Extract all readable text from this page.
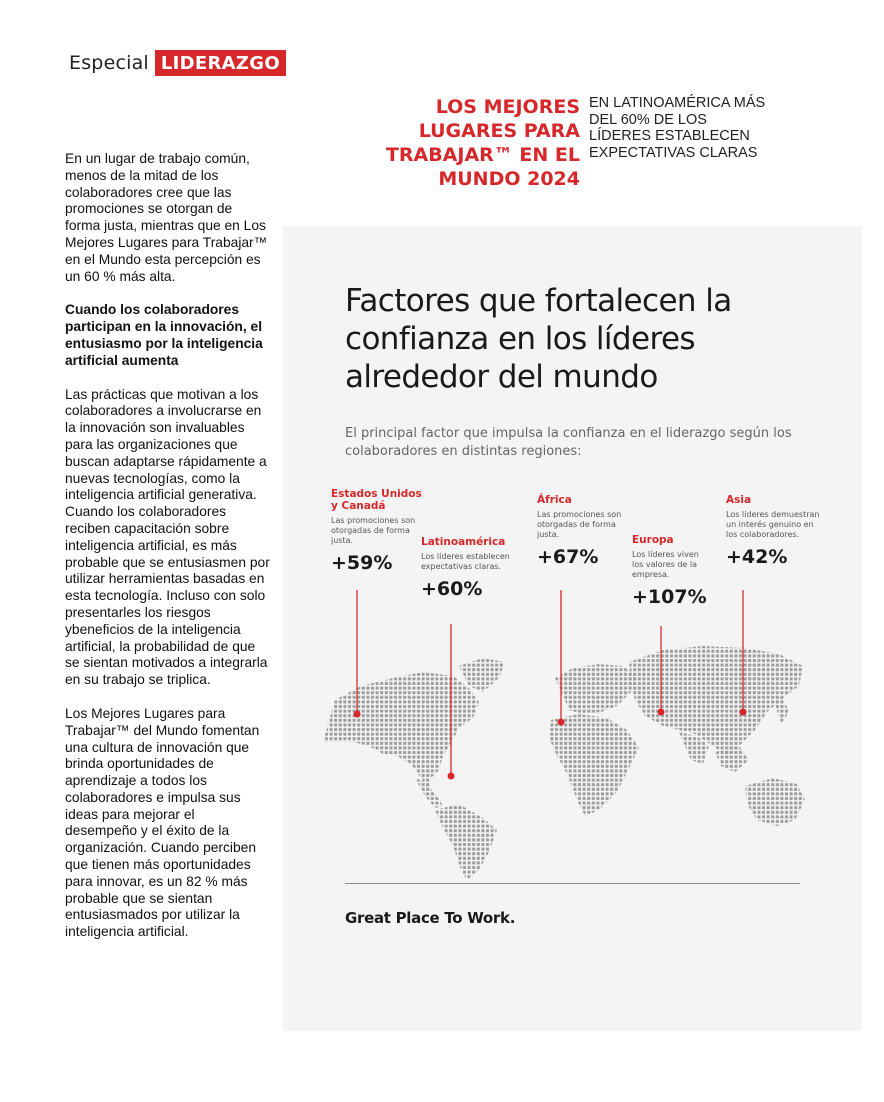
Especial LIDERAZGO
LOS MEJORES LUGARES PARA TRABAJAR™ EN EL MUNDO 2024
EN LATINOAMÉRICA MÁS DEL 60% DE LOS LÍDERES ESTABLECEN EXPECTATIVAS CLARAS

En un lugar de trabajo común, menos de la mitad de los colaboradores cree que las promociones se otorgan de forma justa, mientras que en Los Mejores Lugares para Trabajar™ en el Mundo esta percepción es un 60 % más alta.

Cuando los colaboradores participan en la innovación, el entusiasmo por la inteligencia artificial aumenta

Las prácticas que motivan a los colaboradores a involucrarse en la innovación son invaluables para las organizaciones que buscan adaptarse rápidamente a nuevas tecnologías, como la inteligencia artificial generativa. Cuando los colaboradores reciben capacitación sobre inteligencia artificial, es más probable que se entusiasmen por utilizar herramientas basadas en esta tecnología. Incluso con solo presentarles los riesgos ybeneficios de la inteligencia artificial, la probabilidad de que se sientan motivados a integrarla en su trabajo se triplica.

Los Mejores Lugares para Trabajar™ del Mundo fomentan una cultura de innovación que brinda oportunidades de aprendizaje a todos los colaboradores e impulsa sus ideas para mejorar el desempeño y el éxito de la organización. Cuando perciben que tienen más oportunidades para innovar, es un 82 % más probable que se sientan entusiasmados por utilizar la inteligencia artificial.

Factores que fortalecen la confianza en los líderes alrededor del mundo
El principal factor que impulsa la confianza en el liderazgo según los colaboradores en distintas regiones:
Estados Unidos y Canadá
Las promociones son otorgadas de forma justa.
+59%
Latinoamérica
Los líderes establecen expectativas claras.
+60%
África
Las promociones son otorgadas de forma justa.
+67%
Europa
Los líderes viven los valores de la empresa.
+107%
Asia
Los líderes demuestran un interés genuino en los colaboradores.
+42%
Great Place To Work.
